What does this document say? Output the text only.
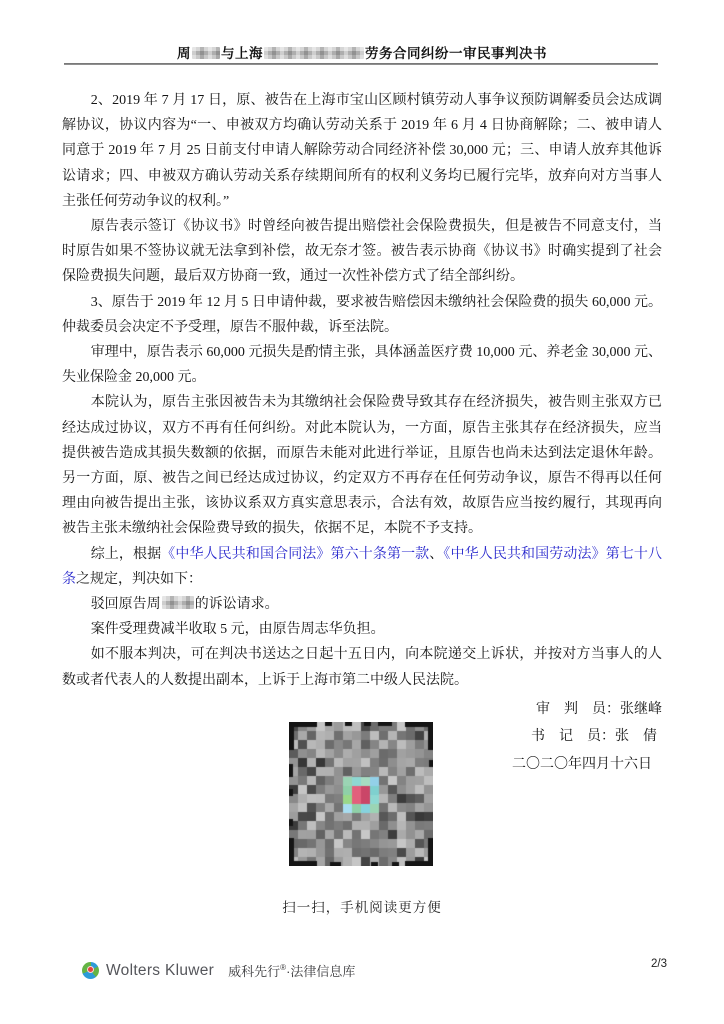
周 与上海	劳务合同纠纷一审民事判决书

2、2019 年 7 月 17 日，原、被告在上海市宝山区顾村镇劳动人事争议预防调解委员会达成调解协议，协议内容为“一、申被双方均确认劳动关系于 2019 年 6 月 4 日协商解除；二、被申请人同意于 2019 年 7 月 25 日前支付申请人解除劳动合同经济补偿 30,000 元；三、申请人放弃其他诉讼请求；四、申被双方确认劳动关系存续期间所有的权利义务均已履行完毕，放弃向对方当事人主张任何劳动争议的权利。”

原告表示签订《协议书》时曾经向被告提出赔偿社会保险费损失，但是被告不同意支付，当时原告如果不签协议就无法拿到补偿，故无奈才签。被告表示协商《协议书》时确实提到了社会保险费损失问题，最后双方协商一致，通过一次性补偿方式了结全部纠纷。

3、原告于 2019 年 12 月 5 日申请仲裁，要求被告赔偿因未缴纳社会保险费的损失 60,000 元。仲裁委员会决定不予受理，原告不服仲裁，诉至法院。

审理中，原告表示 60,000 元损失是酌情主张，具体涵盖医疗费 10,000 元、养老金 30,000 元、失业保险金 20,000 元。

本院认为，原告主张因被告未为其缴纳社会保险费导致其存在经济损失，被告则主张双方已经达成过协议，双方不再有任何纠纷。对此本院认为，一方面，原告主张其存在经济损失，应当提供被告造成其损失数额的依据，而原告未能对此进行举证，且原告也尚未达到法定退休年龄。另一方面，原、被告之间已经达成过协议，约定双方不再存在任何劳动争议，原告不得再以任何理由向被告提出主张，该协议系双方真实意思表示，合法有效，故原告应当按约履行，其现再向被告主张未缴纳社会保险费导致的损失，依据不足，本院不予支持。

综上，根据《中华人民共和国合同法》第六十条第一款、《中华人民共和国劳动法》第七十八条之规定，判决如下：

驳回原告周 的诉讼请求。

案件受理费减半收取 5 元，由原告周志华负担。

如不服本判决，可在判决书送达之日起十五日内，向本院递交上诉状，并按对方当事人的人数或者代表人的人数提出副本，上诉于上海市第二中级人民法院。

审　判　员：张继峰
书　记　员：张　倩
二〇二〇年四月十六日
扫一扫，手机阅读更方便
Wolters Kluwer 威科先行®·法律信息库	2/3
